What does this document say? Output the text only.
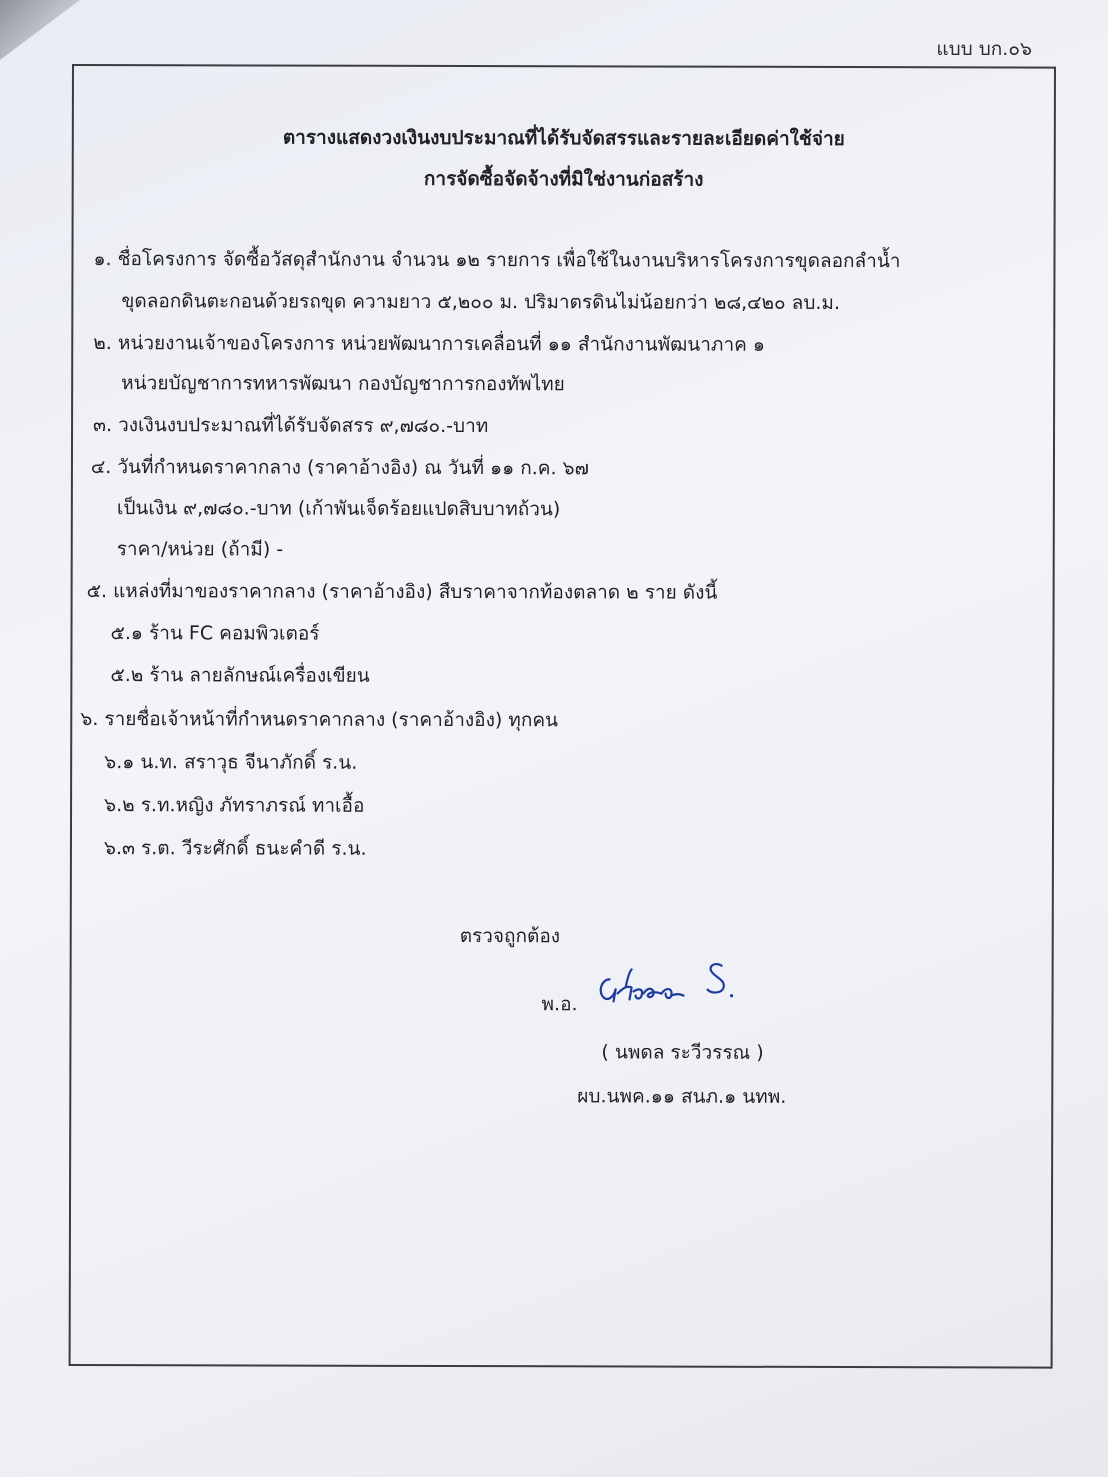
แบบ บก.๐๖
ตารางแสดงวงเงินงบประมาณที่ได้รับจัดสรรและรายละเอียดค่าใช้จ่าย
การจัดซื้อจัดจ้างที่มิใช่งานก่อสร้าง
๑. ชื่อโครงการ จัดซื้อวัสดุสำนักงาน จำนวน ๑๒ รายการ เพื่อใช้ในงานบริหารโครงการขุดลอกลำน้ำ
ขุดลอกดินตะกอนด้วยรถขุด ความยาว ๕,๒๐๐ ม. ปริมาตรดินไม่น้อยกว่า ๒๘,๔๒๐ ลบ.ม.
๒. หน่วยงานเจ้าของโครงการ หน่วยพัฒนาการเคลื่อนที่ ๑๑ สำนักงานพัฒนาภาค ๑
หน่วยบัญชาการทหารพัฒนา กองบัญชาการกองทัพไทย
๓. วงเงินงบประมาณที่ได้รับจัดสรร ๙,๗๘๐.-บาท
๔. วันที่กำหนดราคากลาง (ราคาอ้างอิง) ณ วันที่ ๑๑ ก.ค. ๖๗
เป็นเงิน ๙,๗๘๐.-บาท (เก้าพันเจ็ดร้อยแปดสิบบาทถ้วน)
ราคา/หน่วย (ถ้ามี) -
๕. แหล่งที่มาของราคากลาง (ราคาอ้างอิง) สืบราคาจากท้องตลาด ๒ ราย ดังนี้
๕.๑ ร้าน FC คอมพิวเตอร์
๕.๒ ร้าน ลายลักษณ์เครื่องเขียน
๖. รายชื่อเจ้าหน้าที่กำหนดราคากลาง (ราคาอ้างอิง) ทุกคน
๖.๑ น.ท. สราวุธ จีนาภักดิ์ ร.น.
๖.๒ ร.ท.หญิง ภัทราภรณ์ ทาเอื้อ
๖.๓ ร.ต. วีระศักดิ์ ธนะคำดี ร.น.
ตรวจถูกต้อง
พ.อ.
( นพดล ระวีวรรณ )
ผบ.นพค.๑๑ สนภ.๑ นทพ.
